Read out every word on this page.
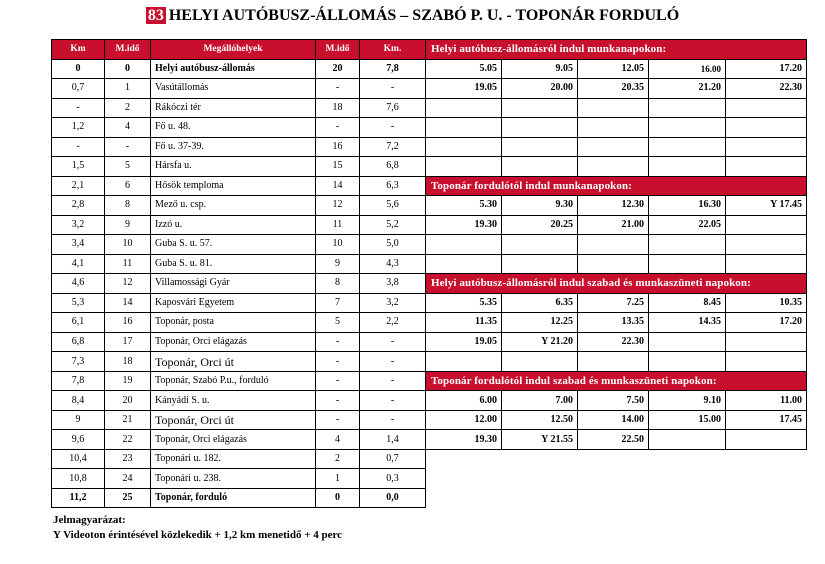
83 HELYI AUTÓBUSZ-ÁLLOMÁS – SZABÓ P. U. - TOPONÁR FORDULÓ
Km	M.idő	Megállóhelyek	M.idő	Km.
0	0	Helyi autóbusz-állomás	20	7,8
0,7	1	Vasútállomás	-	-
-	2	Rákóczi tér	18	7,6
1,2	4	Fő u. 48.	-	-
-	-	Fő u. 37-39.	16	7,2
1,5	5	Hársfa u.	15	6,8
2,1	6	Hősök temploma	14	6,3
2,8	8	Mező u. csp.	12	5,6
3,2	9	Izzó u.	11	5,2
3,4	10	Guba S. u. 57.	10	5,0
4,1	11	Guba S. u. 81.	9	4,3
4,6	12	Villamossági Gyár	8	3,8
5,3	14	Kaposvári Egyetem	7	3,2
6,1	16	Toponár, posta	5	2,2
6,8	17	Toponár, Orci elágazás	-	-
7,3	18	Toponár, Orci út	-	-
7,8	19	Toponár, Szabó P.u., forduló	-	-
8,4	20	Kányádi S. u.	-	-
9	21	Toponár, Orci út	-	-
9,6	22	Toponár, Orci elágazás	4	1,4
10,4	23	Toponári u. 182.	2	0,7
10,8	24	Toponári u. 238.	1	0,3
11,2	25	Toponár, forduló	0	0,0
Helyi autóbusz-állomásról indul munkanapokon:				
5.05	9.05	12.05	16.00	17.20
19.05	20.00	20.35	21.20	22.30

Toponár fordulótól indul munkanapokon:				
5.30	9.30	12.30	16.30	Y 17.45
19.30	20.25	21.00	22.05	

Helyi autóbusz-állomásról indul szabad és munkaszüneti napokon:				
5.35	6.35	7.25	8.45	10.35
11.35	12.25	13.35	14.35	17.20
19.05	Y 21.20	22.30		

Toponár fordulótól indul szabad és munkaszüneti napokon:				
6.00	7.00	7.50	9.10	11.00
12.00	12.50	14.00	15.00	17.45
19.30	Y 21.55	22.50		
Jelmagyarázat:
Y Videoton érintésével közlekedik + 1,2 km menetidő + 4 perc
